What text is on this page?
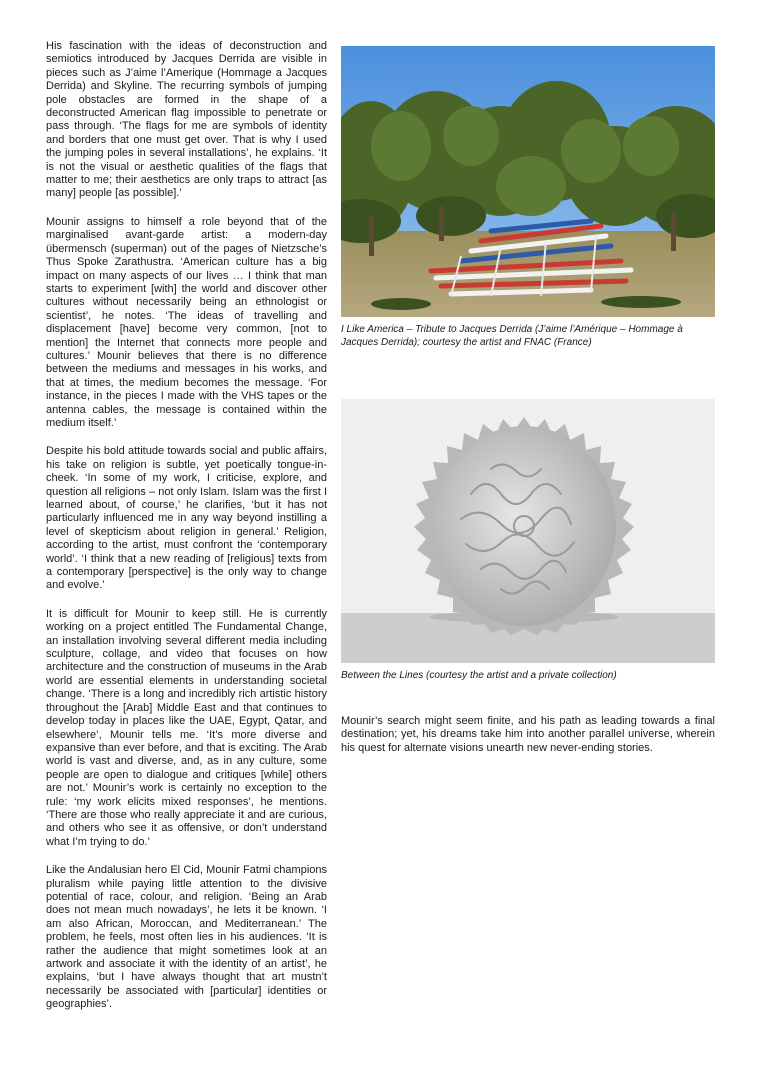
His fascination with the ideas of deconstruction and semiotics introduced by Jacques Derrida are visible in pieces such as J’aime l’Amerique (Hommage a Jacques Derrida) and Skyline. The recurring symbols of jumping pole obstacles are formed in the shape of a deconstructed American flag impossible to penetrate or pass through. ‘The flags for me are symbols of identity and borders that one must get over. That is why I used the jumping poles in several installations’, he explains. ‘It is not the visual or aesthetic qualities of the flags that matter to me; their aesthetics are only traps to attract [as many] people [as possible].’

Mounir assigns to himself a role beyond that of the marginalised avant-garde artist: a modern-day übermensch (superman) out of the pages of Nietzsche’s Thus Spoke Zarathustra. ‘American culture has a big impact on many aspects of our lives … I think that man starts to experiment [with] the world and discover other cultures without necessarily being an ethnologist or scientist’, he notes. ‘The ideas of travelling and displacement [have] become very common, [not to mention] the Internet that connects more people and cultures.’ Mounir believes that there is no difference between the mediums and messages in his works, and that at times, the medium becomes the message. ‘For instance, in the pieces I made with the VHS tapes or the antenna cables, the message is contained within the medium itself.’

Despite his bold attitude towards social and public affairs, his take on religion is subtle, yet poetically tongue-in-cheek. ‘In some of my work, I criticise, explore, and question all religions – not only Islam. Islam was the first I learned about, of course,’ he clarifies, ‘but it has not particularly influenced me in any way beyond instilling a level of skepticism about religion in general.’ Religion, according to the artist, must confront the ‘contemporary world’. ‘I think that a new reading of [religious] texts from a contemporary [perspective] is the only way to change and evolve.’

It is difficult for Mounir to keep still. He is currently working on a project entitled The Fundamental Change, an installation involving several different media including sculpture, collage, and video that focuses on how architecture and the construction of museums in the Arab world are essential elements in understanding societal change. ‘There is a long and incredibly rich artistic history throughout the [Arab] Middle East and that continues to develop today in places like the UAE, Egypt, Qatar, and elsewhere’, Mounir tells me. ‘It’s more diverse and expansive than ever before, and that is exciting. The Arab world is vast and diverse, and, as in any culture, some people are open to dialogue and critiques [while] others are not.’ Mounir’s work is certainly no exception to the rule: ‘my work elicits mixed responses’, he mentions. ‘There are those who really appreciate it and are curious, and others who see it as offensive, or don’t understand what I’m trying to do.’

Like the Andalusian hero El Cid, Mounir Fatmi champions pluralism while paying little attention to the divisive potential of race, colour, and religion. ‘Being an Arab does not mean much nowadays’, he lets it be known. ‘I am also African, Moroccan, and Mediterranean.’ The problem, he feels, most often lies in his audiences. ‘It is rather the audience that might sometimes look at an artwork and associate it with the identity of an artist’, he explains, ‘but I have always thought that art mustn’t necessarily be associated with [particular] identities or geographies’.

I Like America – Tribute to Jacques Derrida (J’aime l’Amérique – Hommage à Jacques Derrida); courtesy the artist and FNAC (France)
Between the Lines (courtesy the artist and a private collection)

Mounir’s search might seem finite, and his path as leading towards a final destination; yet, his dreams take him into another parallel universe, wherein his quest for alternate visions unearth new never-ending stories.
